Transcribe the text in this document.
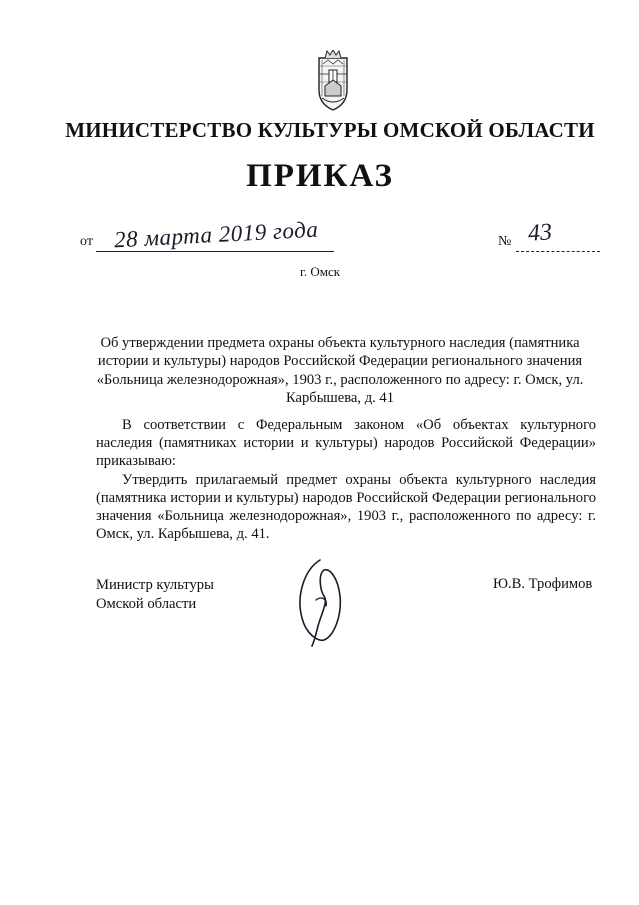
МИНИСТЕРСТВО КУЛЬТУРЫ ОМСКОЙ ОБЛАСТИ
ПРИКАЗ
от 28 марта 2019 года	№ 43
г. Омск
Об утверждении предмета охраны объекта культурного наследия (памятника истории и культуры) народов Российской Федерации регионального значения «Больница железнодорожная», 1903 г., расположенного по адресу: г. Омск, ул. Карбышева, д. 41

В соответствии с Федеральным законом «Об объектах культурного наследия (памятниках истории и культуры) народов Российской Федерации» приказываю:

Утвердить прилагаемый предмет охраны объекта культурного наследия (памятника истории и культуры) народов Российской Федерации регионального значения «Больница железнодорожная», 1903 г., расположенного по адресу: г. Омск, ул. Карбышева, д. 41.

Министр культуры
Омской области
Ю.В. Трофимов
